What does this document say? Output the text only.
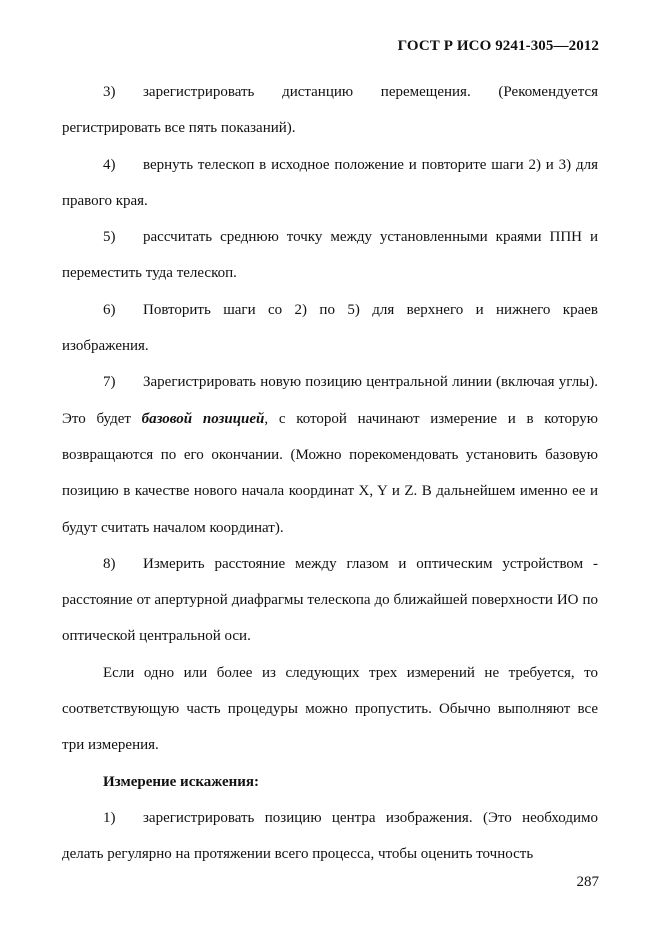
ГОСТ Р ИСО 9241-305—2012

3) зарегистрировать дистанцию перемещения. (Рекомендуется регистрировать все пять показаний).

4) вернуть телескоп в исходное положение и повторите шаги 2) и 3) для правого края.

5) рассчитать среднюю точку между установленными краями ППН и переместить туда телескоп.

6) Повторить шаги со 2) по 5) для верхнего и нижнего краев изображения.

7) Зарегистрировать новую позицию центральной линии (включая углы). Это будет базовой позицией, с которой начинают измерение и в которую возвращаются по его окончании. (Можно порекомендовать установить базовую позицию в качестве нового начала координат X, Y и Z. В дальнейшем именно ее и будут считать началом координат).

8) Измерить расстояние между глазом и оптическим устройством - расстояние от апертурной диафрагмы телескопа до ближайшей поверхности ИО по оптической центральной оси.

Если одно или более из следующих трех измерений не требуется, то соответствующую часть процедуры можно пропустить. Обычно выполняют все три измерения.

Измерение искажения:

1) зарегистрировать позицию центра изображения. (Это необходимо делать регулярно на протяжении всего процесса, чтобы оценить точность

287
